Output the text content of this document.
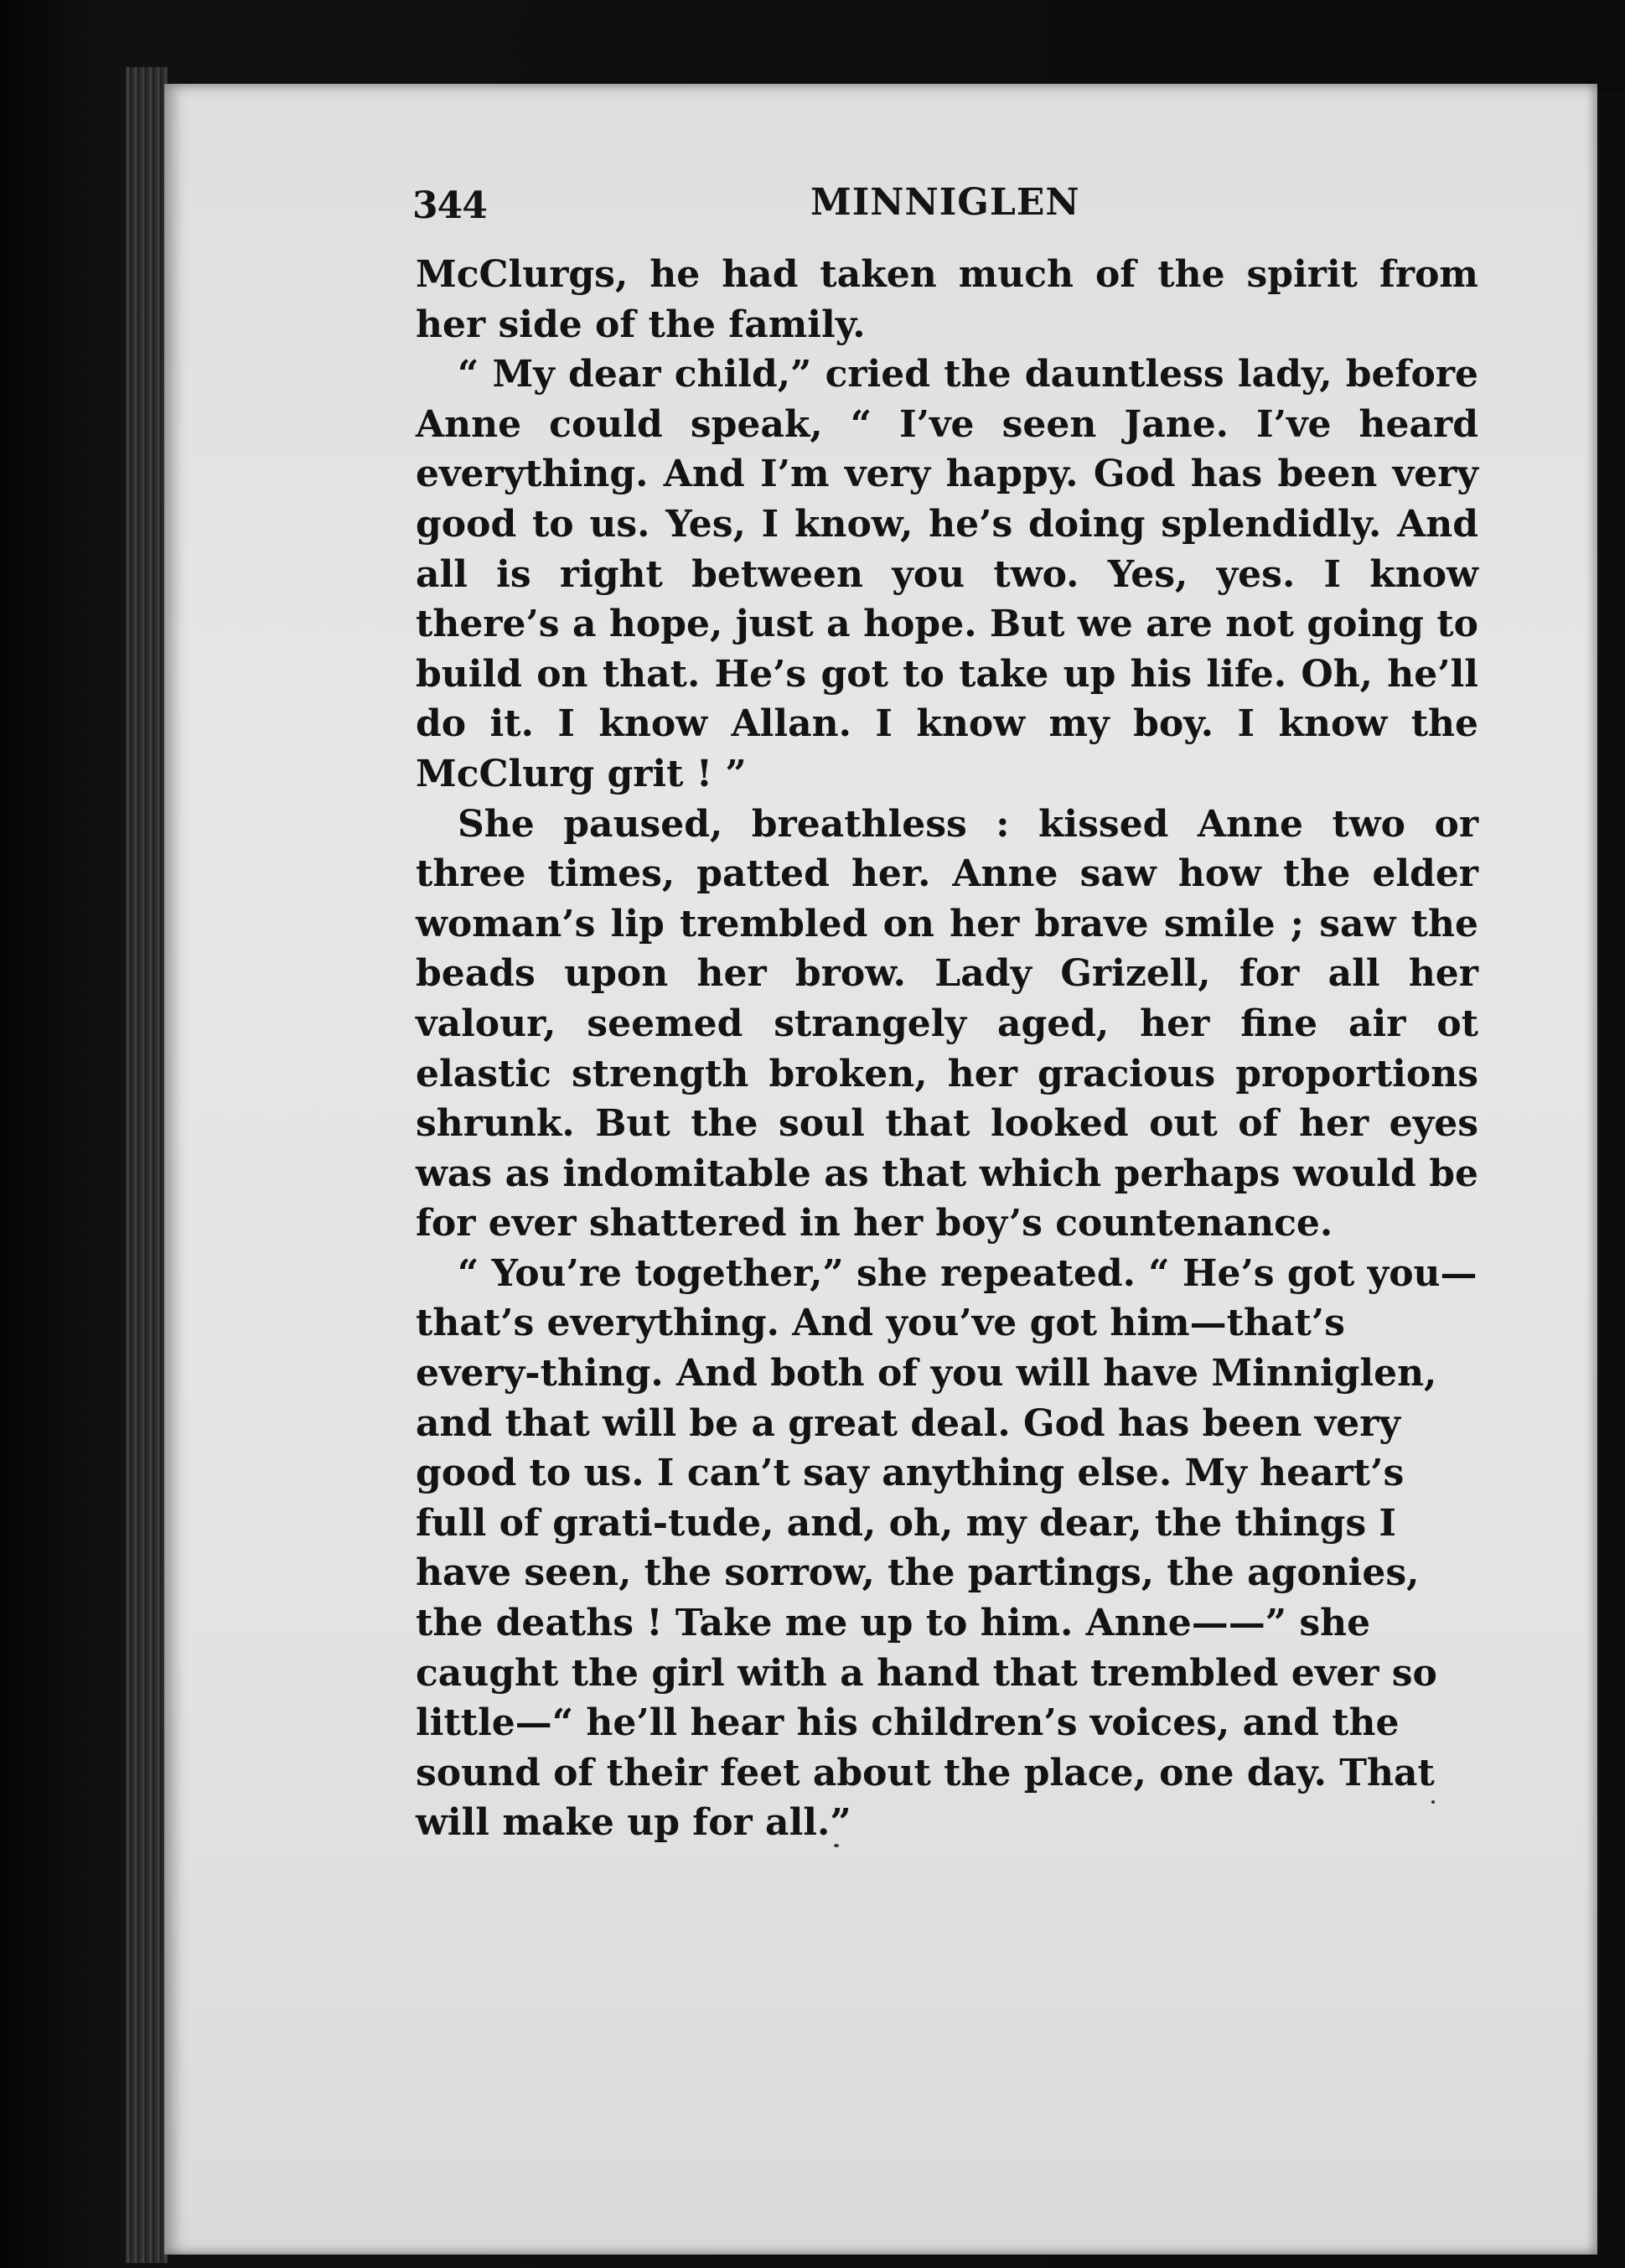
344	MINNIGLEN

McClurgs, he had taken much of the spirit from her side of the family.

“ My dear child,” cried the dauntless lady, before Anne could speak, “ I’ve seen Jane. I’ve heard everything. And I’m very happy. God has been very good to us. Yes, I know, he’s doing splendidly. And all is right between you two. Yes, yes. I know there’s a hope, just a hope. But we are not going to build on that. He’s got to take up his life. Oh, he’ll do it. I know Allan. I know my boy. I know the McClurg grit ! ”

She paused, breathless : kissed Anne two or three times, patted her. Anne saw how the elder woman’s lip trembled on her brave smile ; saw the beads upon her brow. Lady Grizell, for all her valour, seemed strangely aged, her fine air ot elastic strength broken, her gracious proportions shrunk. But the soul that looked out of her eyes was as indomitable as that which perhaps would be for ever shattered in her boy’s countenance.

“ You’re together,” she repeated. “ He’s got you—that’s everything. And you’ve got him—that’s every-thing. And both of you will have Minniglen, and that will be a great deal. God has been very good to us. I can’t say anything else. My heart’s full of grati-tude, and, oh, my dear, the things I have seen, the sorrow, the partings, the agonies, the deaths ! Take me up to him. Anne——” she caught the girl with a hand that trembled ever so little—“ he’ll hear his children’s voices, and the sound of their feet about the place, one day. That will make up for all.”
